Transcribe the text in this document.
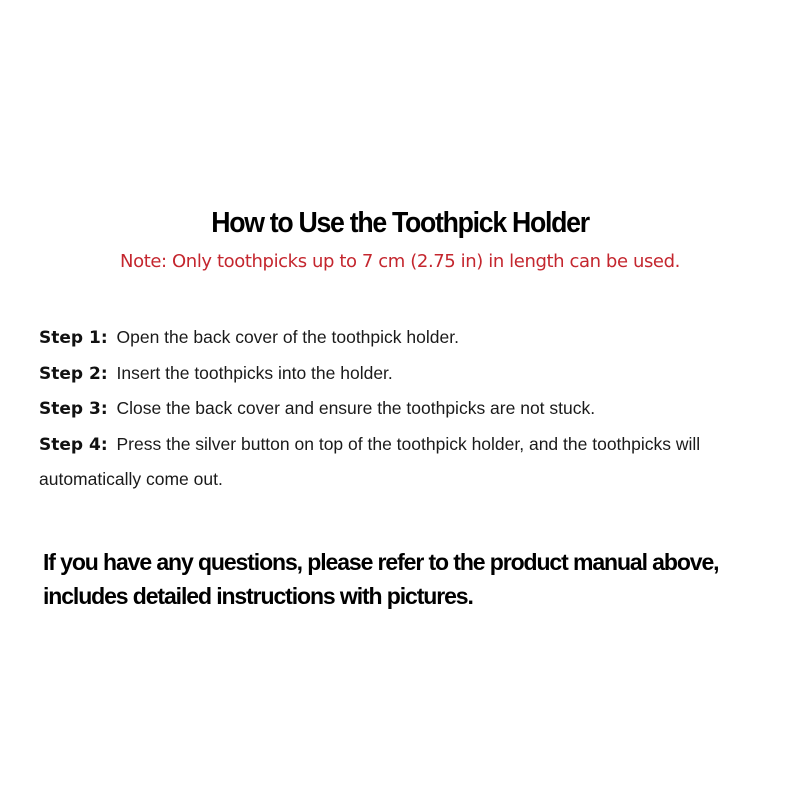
How to Use the Toothpick Holder
Note: Only toothpicks up to 7 cm (2.75 in) in length can be used.

Step 1: Open the back cover of the toothpick holder.

Step 2: Insert the toothpicks into the holder.

Step 3: Close the back cover and ensure the toothpicks are not stuck.

Step 4: Press the silver button on top of the toothpick holder, and the toothpicks will automatically come out.

If you have any questions, please refer to the product manual above,
includes detailed instructions with pictures.
